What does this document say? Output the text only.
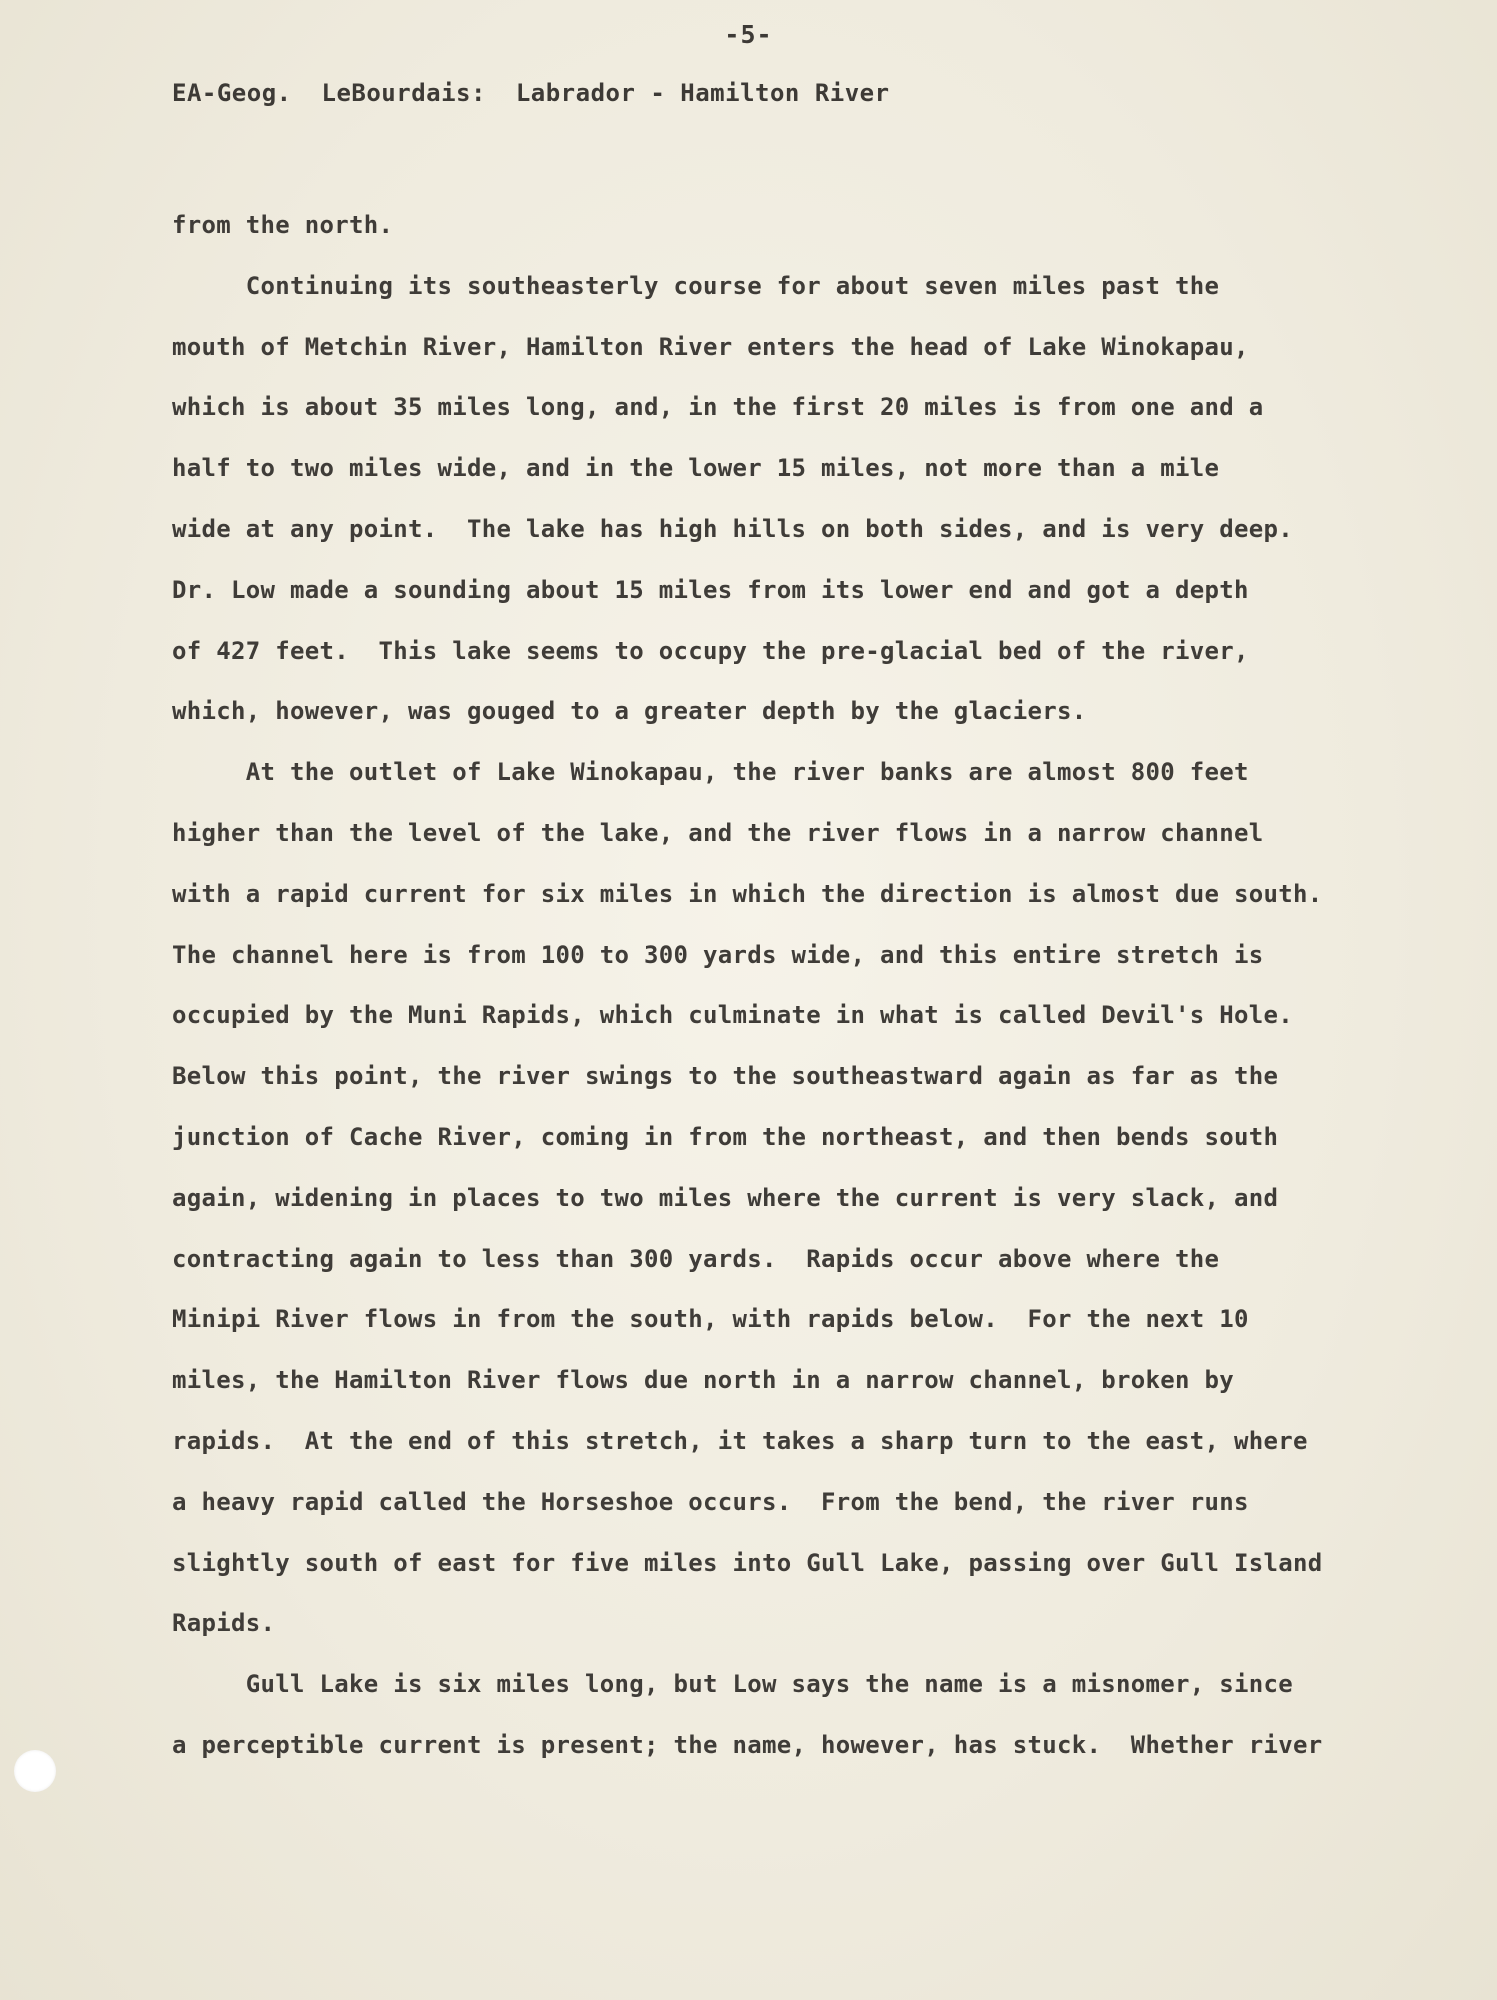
-5-
EA-Geog.  LeBourdais:  Labrador - Hamilton River
from the north.
Continuing its southeasterly course for about seven miles past the
mouth of Metchin River, Hamilton River enters the head of Lake Winokapau,
which is about 35 miles long, and, in the first 20 miles is from one and a
half to two miles wide, and in the lower 15 miles, not more than a mile
wide at any point.  The lake has high hills on both sides, and is very deep.
Dr. Low made a sounding about 15 miles from its lower end and got a depth
of 427 feet.  This lake seems to occupy the pre-glacial bed of the river,
which, however, was gouged to a greater depth by the glaciers.
At the outlet of Lake Winokapau, the river banks are almost 800 feet
higher than the level of the lake, and the river flows in a narrow channel
with a rapid current for six miles in which the direction is almost due south.
The channel here is from 100 to 300 yards wide, and this entire stretch is
occupied by the Muni Rapids, which culminate in what is called Devil's Hole.
Below this point, the river swings to the southeastward again as far as the
junction of Cache River, coming in from the northeast, and then bends south
again, widening in places to two miles where the current is very slack, and
contracting again to less than 300 yards.  Rapids occur above where the
Minipi River flows in from the south, with rapids below.  For the next 10
miles, the Hamilton River flows due north in a narrow channel, broken by
rapids.  At the end of this stretch, it takes a sharp turn to the east, where
a heavy rapid called the Horseshoe occurs.  From the bend, the river runs
slightly south of east for five miles into Gull Lake, passing over Gull Island
Rapids.
Gull Lake is six miles long, but Low says the name is a misnomer, since
a perceptible current is present; the name, however, has stuck.  Whether river
